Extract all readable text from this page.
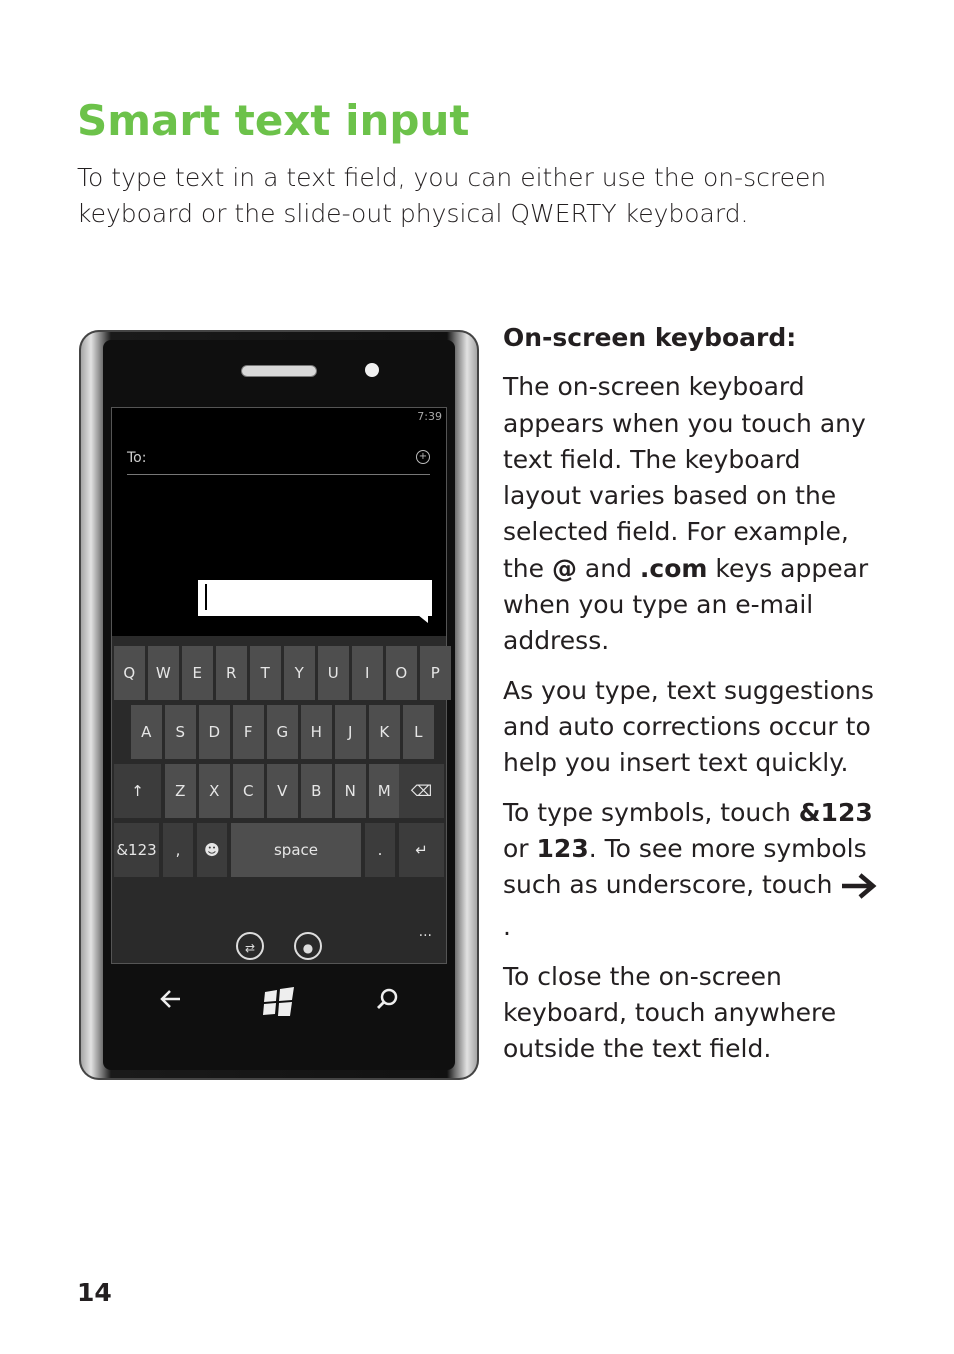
Smart text input

To type text in a text field, you can either use the on-screen keyboard or the slide-out physical QWERTY keyboard.

7:39
To:	+
Q	W	E	R	T	Y	U	I	O	P
A	S	D	F	G	H	J	K	L
↑	Z	X	C	V	B	N	M	⌫
&123	,	☻	space	.	↵
⇄	●
...

On-screen keyboard:

The on-screen keyboard appears when you touch any text field. The keyboard layout varies based on the selected field. For example, the @ and .com keys appear when you type an e-mail address.

As you type, text suggestions and auto corrections occur to help you insert text quickly.

To type symbols, touch &123 or 123. To see more symbols such as underscore, touch .

To close the on-screen keyboard, touch anywhere outside the text field.

14
